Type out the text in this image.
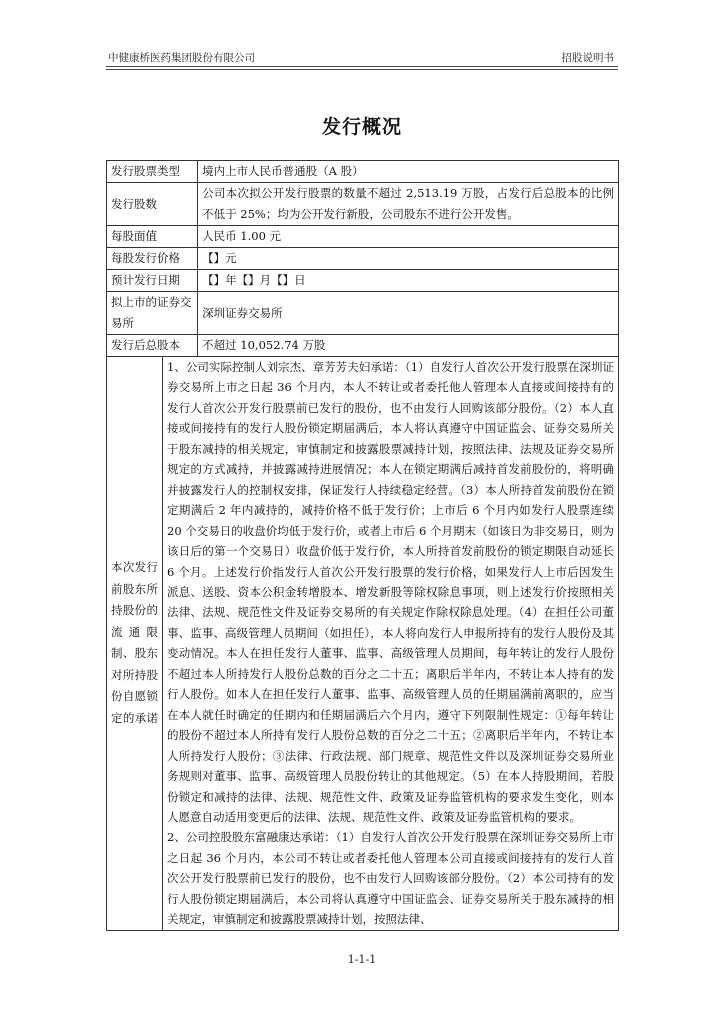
中健康桥医药集团股份有限公司	招股说明书
发行概况
发行股票类型		境内上市人民币普通股（A 股）
发行股数		公司本次拟公开发行股票的数量不超过 2,513.19 万股，占发行后总股本的比例不低于 25%；均为公开发行新股，公司股东不进行公开发售。
每股面值		人民币 1.00 元
每股发行价格		【】元
预计发行日期		【】年【】月【】日
拟上市的证券交易所		深圳证券交易所
发行后总股本		不超过 10,052.74 万股
本次发行前股东所持股份的流通限制、股东对所持股份自愿锁定的承诺	1、公司实际控制人刘宗杰、章芳芳夫妇承诺：（1）自发行人首次公开发行股票在深圳证券交易所上市之日起 36 个月内，本人不转让或者委托他人管理本人直接或间接持有的发行人首次公开发行股票前已发行的股份，也不由发行人回购该部分股份。（2）本人直接或间接持有的发行人股份锁定期届满后，本人将认真遵守中国证监会、证券交易所关于股东减持的相关规定，审慎制定和披露股票减持计划，按照法律、法规及证券交易所规定的方式减持，并披露减持进展情况；本人在锁定期满后减持首发前股份的，将明确并披露发行人的控制权安排，保证发行人持续稳定经营。（3）本人所持首发前股份在锁定期满后 2 年内减持的，减持价格不低于发行价；上市后 6 个月内如发行人股票连续 20 个交易日的收盘价均低于发行价，或者上市后 6 个月期末（如该日为非交易日，则为该日后的第一个交易日）收盘价低于发行价，本人所持首发前股份的锁定期限自动延长 6 个月。上述发行价指发行人首次公开发行股票的发行价格，如果发行人上市后因发生派息、送股、资本公积金转增股本、增发新股等除权除息事项，则上述发行价按照相关法律、法规、规范性文件及证券交易所的有关规定作除权除息处理。（4）在担任公司董事、监事、高级管理人员期间（如担任），本人将向发行人申报所持有的发行人股份及其变动情况。本人在担任发行人董事、监事、高级管理人员期间，每年转让的发行人股份不超过本人所持发行人股份总数的百分之二十五；离职后半年内，不转让本人持有的发行人股份。如本人在担任发行人董事、监事、高级管理人员的任期届满前离职的，应当在本人就任时确定的任期内和任期届满后六个月内，遵守下列限制性规定：①每年转让的股份不超过本人所持有发行人股份总数的百分之二十五；②离职后半年内，不转让本人所持发行人股份；③法律、行政法规、部门规章、规范性文件以及深圳证券交易所业务规则对董事、监事、高级管理人员股份转让的其他规定。（5）在本人持股期间，若股份锁定和减持的法律、法规、规范性文件、政策及证券监管机构的要求发生变化，则本人愿意自动适用变更后的法律、法规、规范性文件、政策及证券监管机构的要求。
2、公司控股股东富融康达承诺：（1）自发行人首次公开发行股票在深圳证券交易所上市之日起 36 个月内，本公司不转让或者委托他人管理本公司直接或间接持有的发行人首次公开发行股票前已发行的股份，也不由发行人回购该部分股份。（2）本公司持有的发行人股份锁定期届满后，本公司将认真遵守中国证监会、证券交易所关于股东减持的相关规定，审慎制定和披露股票减持计划，按照法律、	
1-1-1
